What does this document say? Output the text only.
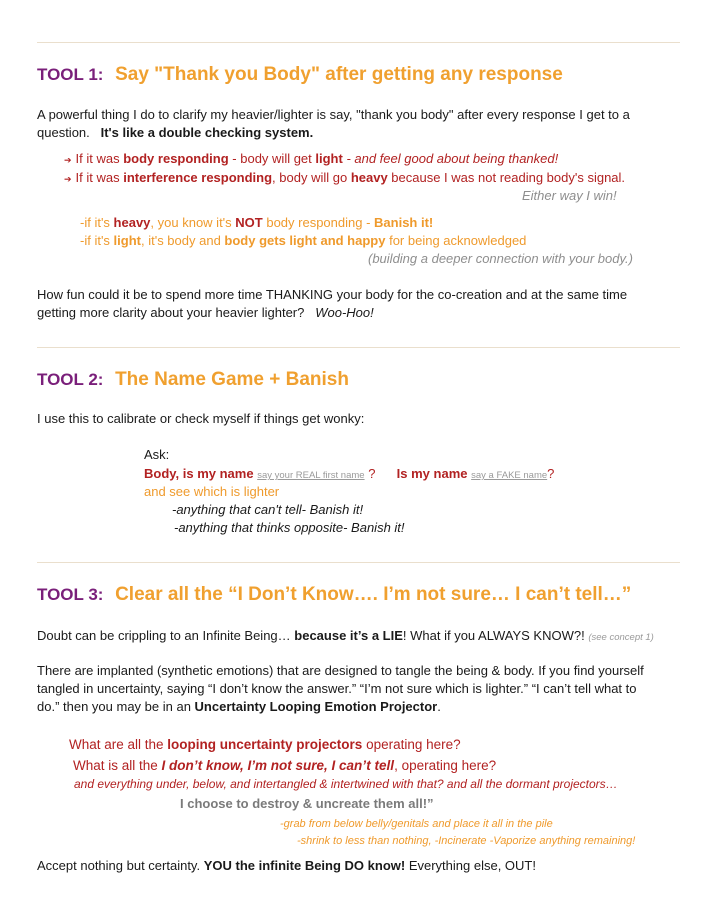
TOOL 1: Say "Thank you Body" after getting any response
A powerful thing I do to clarify my heavier/lighter is say, "thank you body" after every response I get to a
question. It's like a double checking system.
➔ If it was body responding - body will get light - and feel good about being thanked!
➔ If it was interference responding, body will go heavy because I was not reading body's signal.
Either way I win!
-if it's heavy, you know it's NOT body responding - Banish it!
-if it's light, it's body and body gets light and happy for being acknowledged
(building a deeper connection with your body.)
How fun could it be to spend more time THANKING your body for the co-creation and at the same time
getting more clarity about your heavier lighter? Woo-Hoo!
TOOL 2: The Name Game + Banish
I use this to calibrate or check myself if things get wonky:
Ask:
Body, is my name say your REAL first name ? Is my name say a FAKE name?
and see which is lighter
-anything that can't tell- Banish it!
-anything that thinks opposite- Banish it!
TOOL 3: Clear all the “I Don’t Know…. I’m not sure… I can’t tell…”
Doubt can be crippling to an Infinite Being… because it’s a LIE! What if you ALWAYS KNOW?! (see concept 1)
There are implanted (synthetic emotions) that are designed to tangle the being & body. If you find yourself
tangled in uncertainty, saying “I don’t know the answer.” “I’m not sure which is lighter.” “I can’t tell what to
do.” then you may be in an Uncertainty Looping Emotion Projector.
What are all the looping uncertainty projectors operating here?
What is all the I don’t know, I’m not sure, I can’t tell, operating here?
and everything under, below, and intertangled & intertwined with that? and all the dormant projectors…
I choose to destroy & uncreate them all!”
-grab from below belly/genitals and place it all in the pile
-shrink to less than nothing, -Incinerate -Vaporize anything remaining!
Accept nothing but certainty. YOU the infinite Being DO know! Everything else, OUT!
